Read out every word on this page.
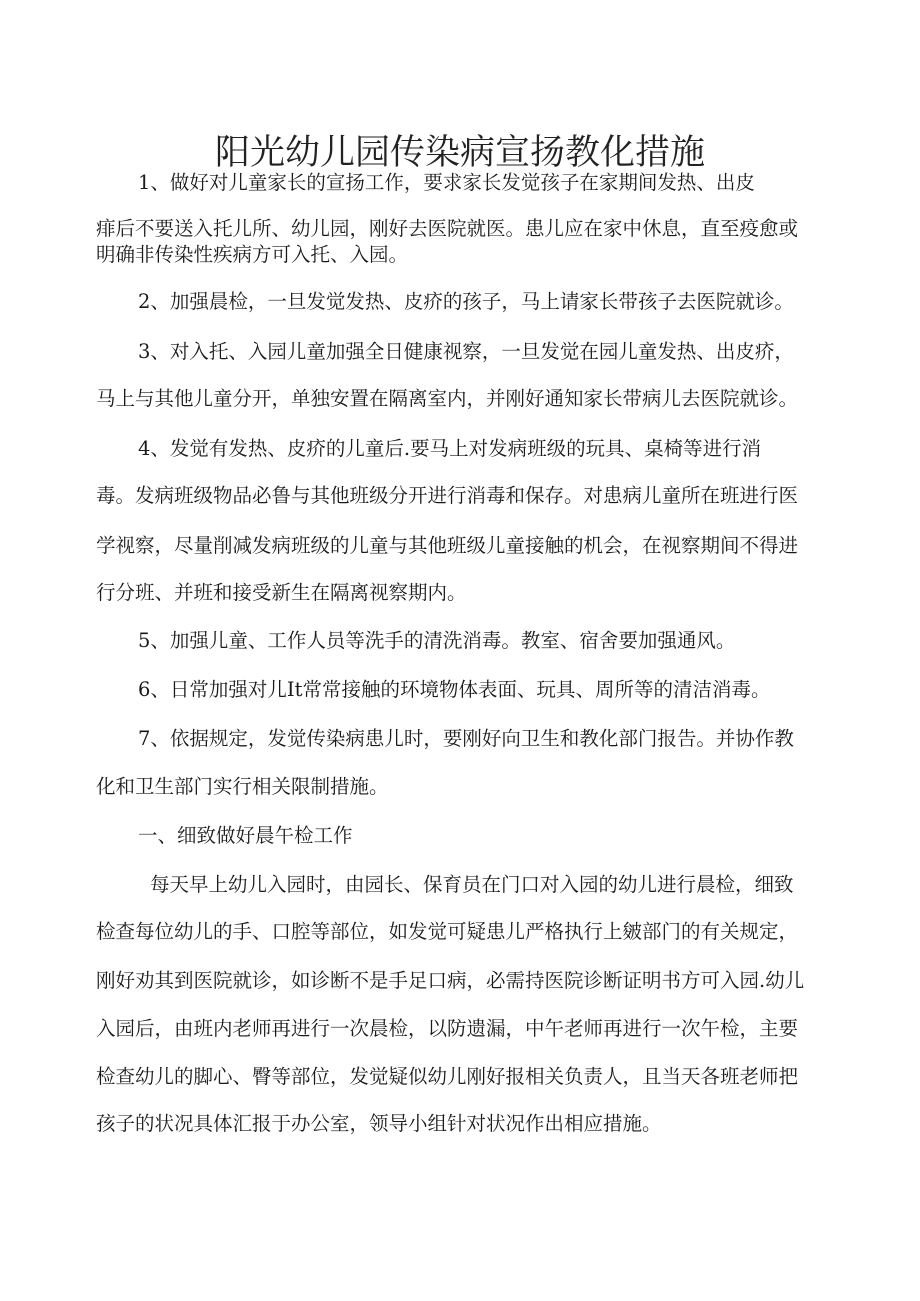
阳光幼儿园传染病宣扬教化措施
1、做好对儿童家长的宣扬工作，要求家长发觉孩子在家期间发热、出皮
痱后不要送入托儿所、幼儿园，刚好去医院就医。患儿应在家中休息，直至疫愈或
明确非传染性疾病方可入托、入园。
2、加强晨检，一旦发觉发热、皮疥的孩子，马上请家长带孩子去医院就诊。
3、对入托、入园儿童加强全日健康视察，一旦发觉在园儿童发热、出皮疥，
马上与其他儿童分开，单独安置在隔离室内，并刚好通知家长带病儿去医院就诊。
4、发觉有发热、皮疥的儿童后.要马上对发病班级的玩具、桌椅等进行消
毒。发病班级物品必鲁与其他班级分开进行消毒和保存。对患病儿童所在班进行医
学视察，尽量削减发病班级的儿童与其他班级儿童接触的机会，在视察期间不得进
行分班、并班和接受新生在隔离视察期内。
5、加强儿童、工作人员等洗手的清洗消毒。教室、宿舍要加强通风。
6、日常加强对儿It常常接触的环境物体表面、玩具、周所等的清洁消毒。
7、依据规定，发觉传染病患儿时，要刚好向卫生和教化部门报告。并协作教
化和卫生部门实行相关限制措施。
一、细致做好晨午检工作
每天早上幼儿入园时，由园长、保育员在门口对入园的幼儿进行晨检，细致
检查每位幼儿的手、口腔等部位，如发觉可疑患儿严格执行上皴部门的有关规定，
刚好劝其到医院就诊，如诊断不是手足口病，必需持医院诊断证明书方可入园.幼儿
入园后，由班内老师再进行一次晨检，以防遗漏，中午老师再进行一次午检，主要
检查幼儿的脚心、臀等部位，发觉疑似幼儿刚好报相关负责人，且当天各班老师把
孩子的状况具体汇报于办公室，领导小组针对状况作出相应措施。
